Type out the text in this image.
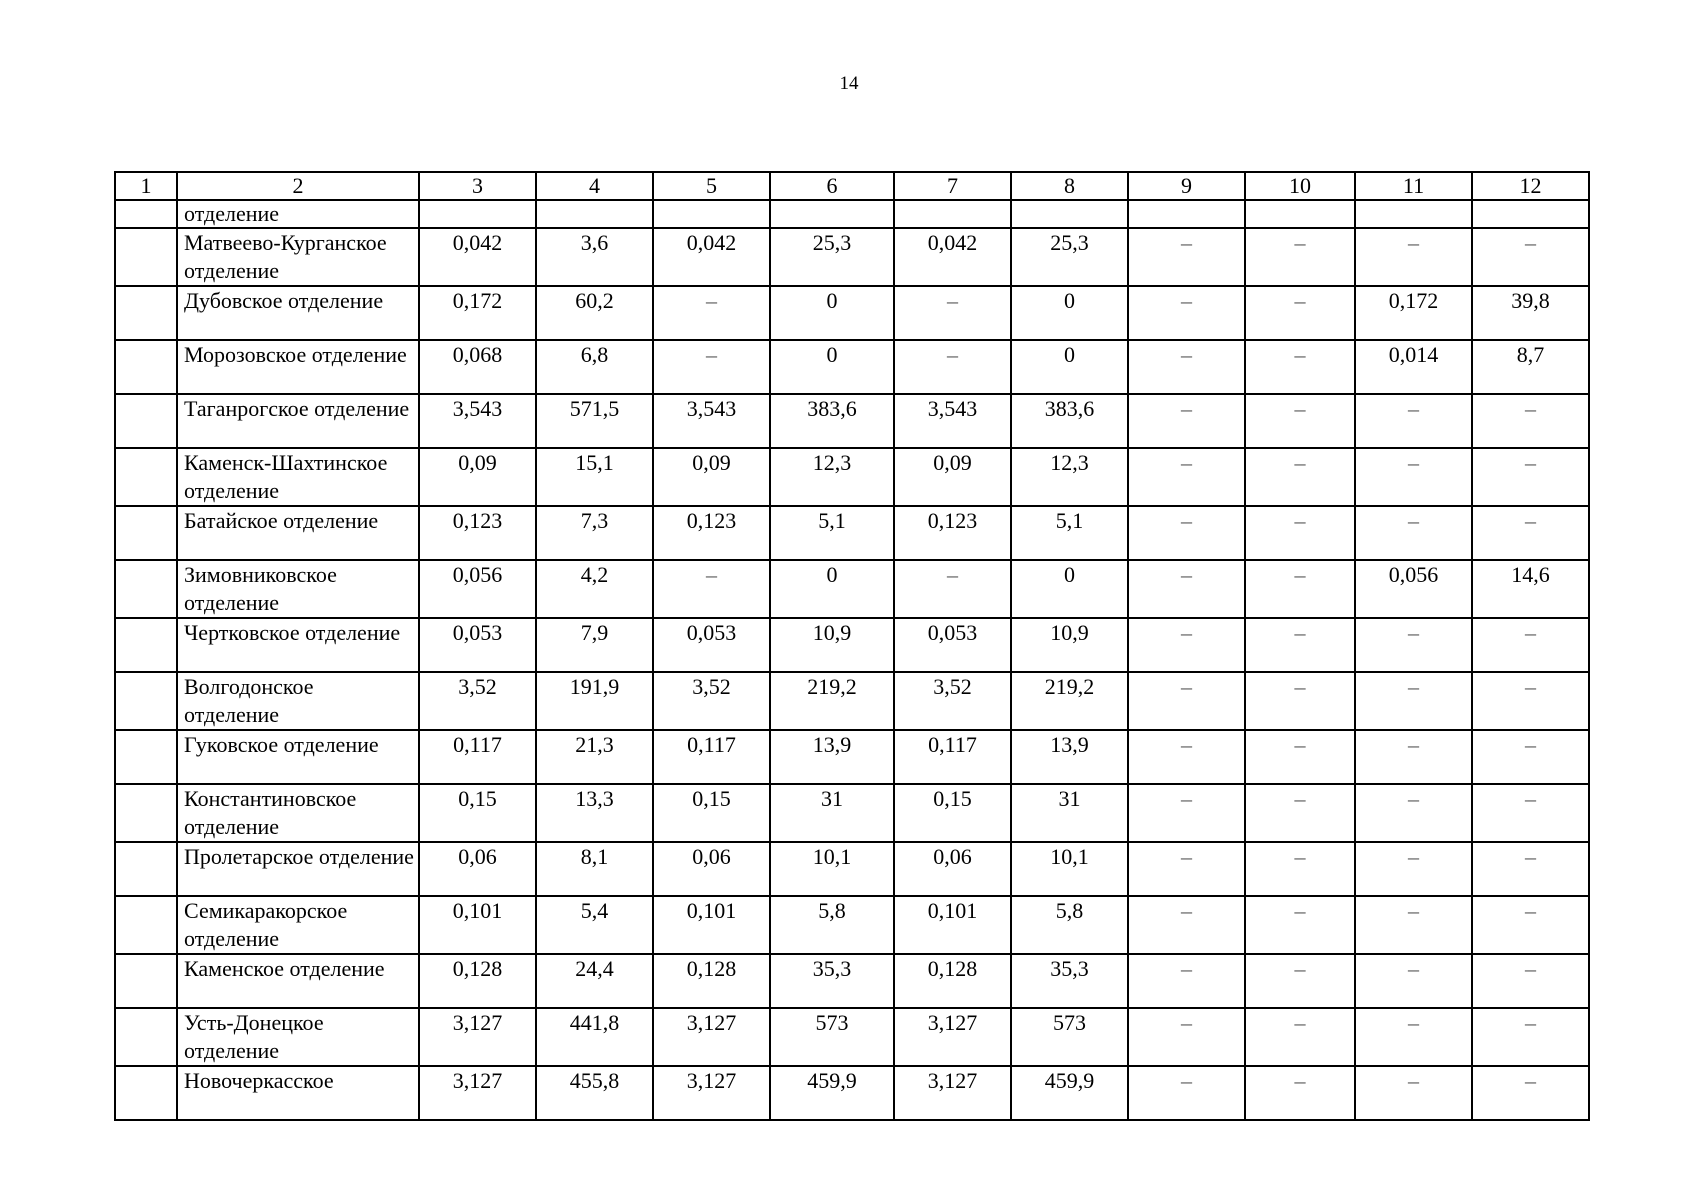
14
1	2	3	4	5	6	7	8	9	10	11	12
	отделение										
	Матвеево-Курганское отделение	0,042	3,6	0,042	25,3	0,042	25,3	–	–	–	–
	Дубовское отделение	0,172	60,2	–	0	–	0	–	–	0,172	39,8
	Морозовское отделение	0,068	6,8	–	0	–	0	–	–	0,014	8,7
	Таганрогское отделение	3,543	571,5	3,543	383,6	3,543	383,6	–	–	–	–
	Каменск-Шахтинское отделение	0,09	15,1	0,09	12,3	0,09	12,3	–	–	–	–
	Батайское отделение	0,123	7,3	0,123	5,1	0,123	5,1	–	–	–	–
	Зимовниковское отделение	0,056	4,2	–	0	–	0	–	–	0,056	14,6
	Чертковское отделение	0,053	7,9	0,053	10,9	0,053	10,9	–	–	–	–
	Волгодонское отделение	3,52	191,9	3,52	219,2	3,52	219,2	–	–	–	–
	Гуковское отделение	0,117	21,3	0,117	13,9	0,117	13,9	–	–	–	–
	Константиновское отделение	0,15	13,3	0,15	31	0,15	31	–	–	–	–
	Пролетарское отделение	0,06	8,1	0,06	10,1	0,06	10,1	–	–	–	–
	Семикаракорское отделение	0,101	5,4	0,101	5,8	0,101	5,8	–	–	–	–
	Каменское отделение	0,128	24,4	0,128	35,3	0,128	35,3	–	–	–	–
	Усть-Донецкое отделение	3,127	441,8	3,127	573	3,127	573	–	–	–	–
	Новочеркасское	3,127	455,8	3,127	459,9	3,127	459,9	–	–	–	–
